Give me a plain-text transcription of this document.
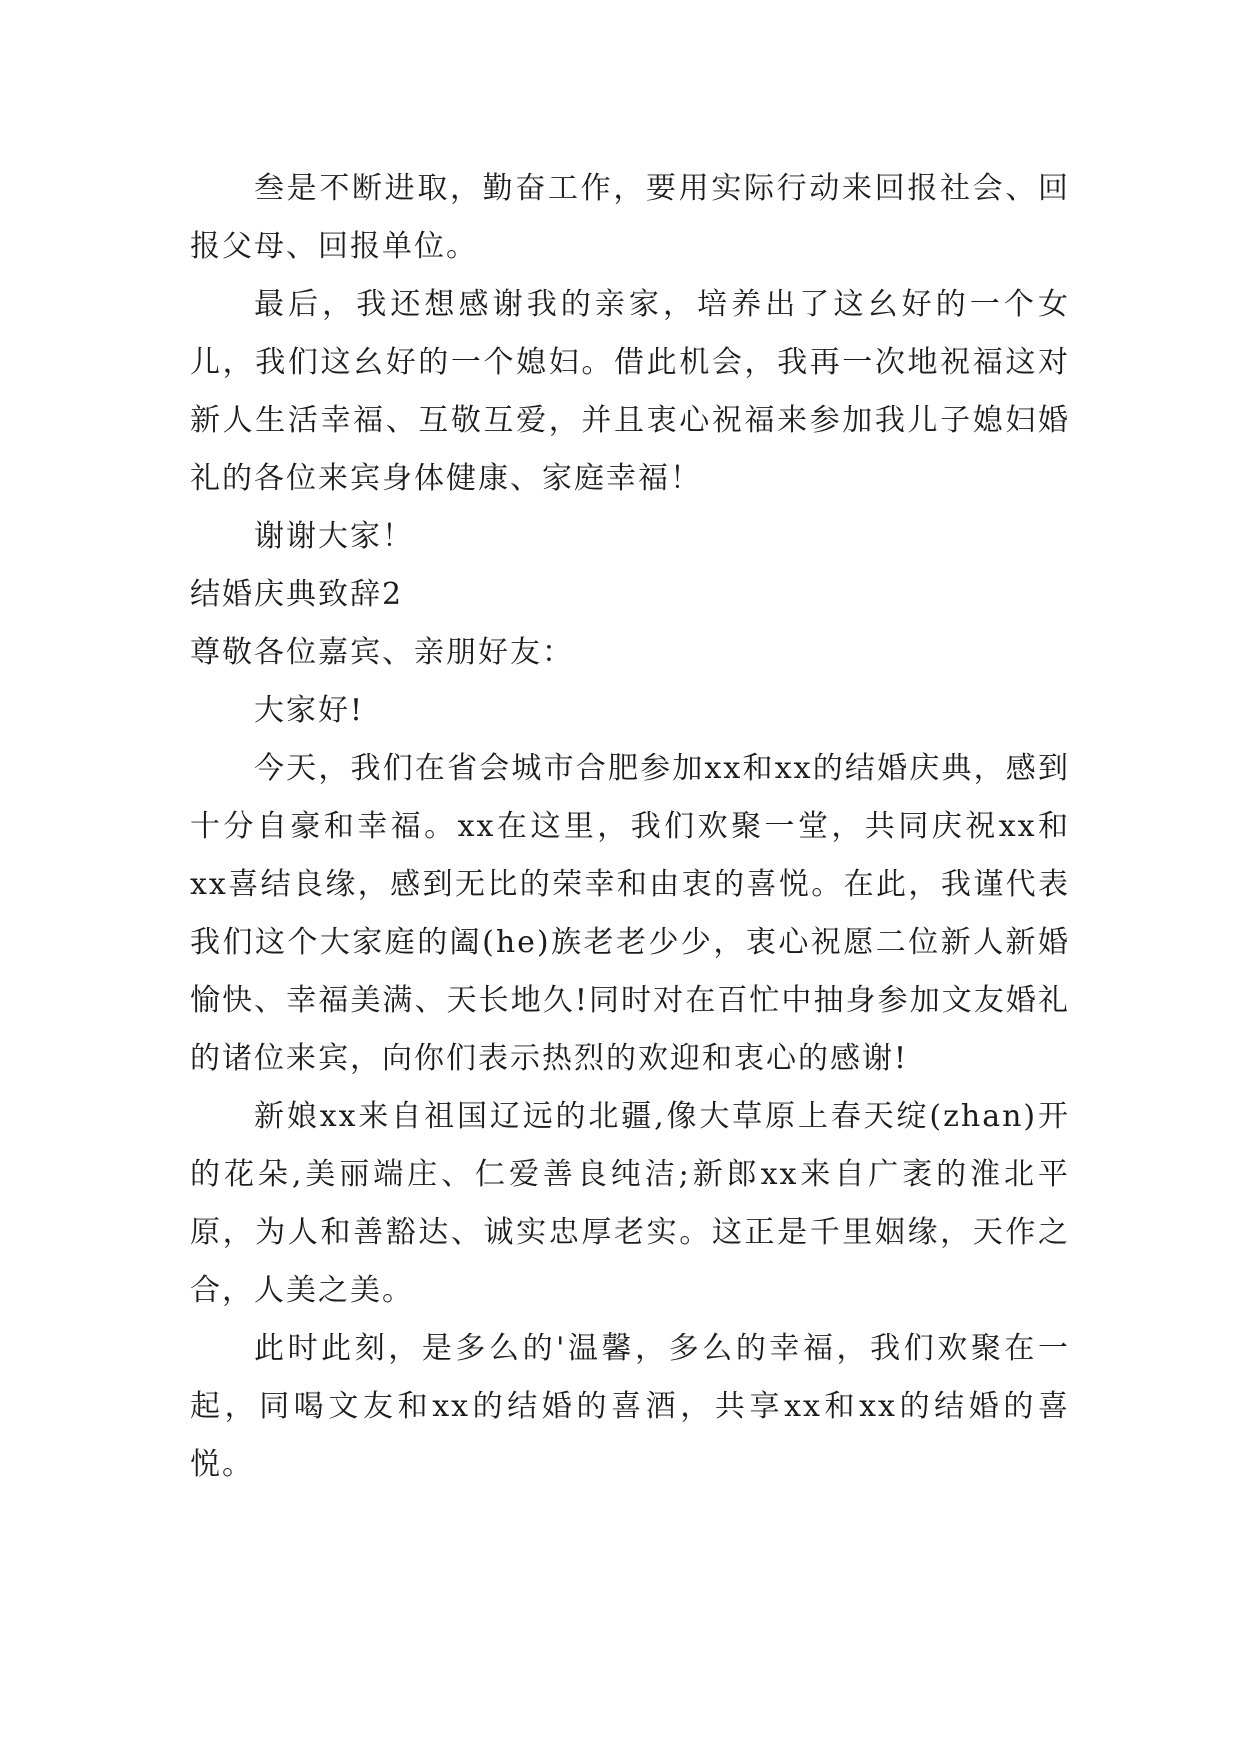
叁是不断进取，勤奋工作，要用实际行动来回报社会、回报父母、回报单位。

最后，我还想感谢我的亲家，培养出了这幺好的一个女儿，我们这幺好的一个媳妇。借此机会，我再一次地祝福这对新人生活幸福、互敬互爱，并且衷心祝福来参加我儿子媳妇婚礼的各位来宾身体健康、家庭幸福！

谢谢大家！

结婚庆典致辞2

尊敬各位嘉宾、亲朋好友：

大家好!

今天，我们在省会城市合肥参加xx和xx的结婚庆典，感到十分自豪和幸福。xx在这里，我们欢聚一堂，共同庆祝xx和xx喜结良缘，感到无比的荣幸和由衷的喜悦。在此，我谨代表我们这个大家庭的阖(he)族老老少少，衷心祝愿二位新人新婚愉快、幸福美满、天长地久!同时对在百忙中抽身参加文友婚礼的诸位来宾，向你们表示热烈的欢迎和衷心的感谢!

新娘xx来自祖国辽远的北疆,像大草原上春天绽(zhan)开的花朵,美丽端庄、仁爱善良纯洁;新郎xx来自广袤的淮北平原，为人和善豁达、诚实忠厚老实。这正是千里姻缘，天作之合，人美之美。

此时此刻，是多么的'温馨，多么的幸福，我们欢聚在一起，同喝文友和xx的结婚的喜酒，共享xx和xx的结婚的喜悦。
